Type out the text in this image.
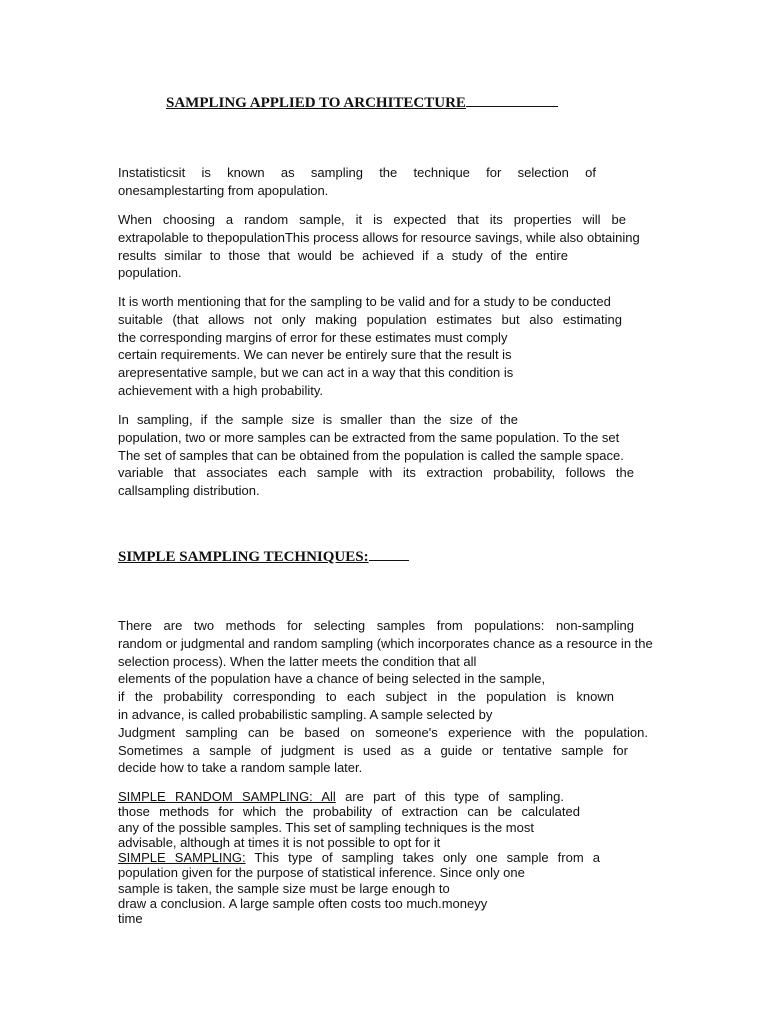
SAMPLING APPLIED TO ARCHITECTURE
Instatisticsit is known as sampling the technique for selection of
onesamplestarting from apopulation.
When choosing a random sample, it is expected that its properties will be
extrapolable to thepopulationThis process allows for resource savings, while also obtaining
results similar to those that would be achieved if a study of the entire
population.
It is worth mentioning that for the sampling to be valid and for a study to be conducted
suitable (that allows not only making population estimates but also estimating
the corresponding margins of error for these estimates must comply
certain requirements. We can never be entirely sure that the result is
arepresentative sample, but we can act in a way that this condition is
achievement with a high probability.
In sampling, if the sample size is smaller than the size of the
population, two or more samples can be extracted from the same population. To the set
The set of samples that can be obtained from the population is called the sample space.
variable that associates each sample with its extraction probability, follows the
callsampling distribution.
SIMPLE SAMPLING TECHNIQUES:
There are two methods for selecting samples from populations: non-sampling
random or judgmental and random sampling (which incorporates chance as a resource in the
selection process). When the latter meets the condition that all
elements of the population have a chance of being selected in the sample,
if the probability corresponding to each subject in the population is known
in advance, is called probabilistic sampling. A sample selected by
Judgment sampling can be based on someone's experience with the population.
Sometimes a sample of judgment is used as a guide or tentative sample for
decide how to take a random sample later.
SIMPLE RANDOM SAMPLING: All are part of this type of sampling.
those methods for which the probability of extraction can be calculated
any of the possible samples. This set of sampling techniques is the most
advisable, although at times it is not possible to opt for it
SIMPLE SAMPLING: This type of sampling takes only one sample from a
population given for the purpose of statistical inference. Since only one
sample is taken, the sample size must be large enough to
draw a conclusion. A large sample often costs too much.moneyy
time
